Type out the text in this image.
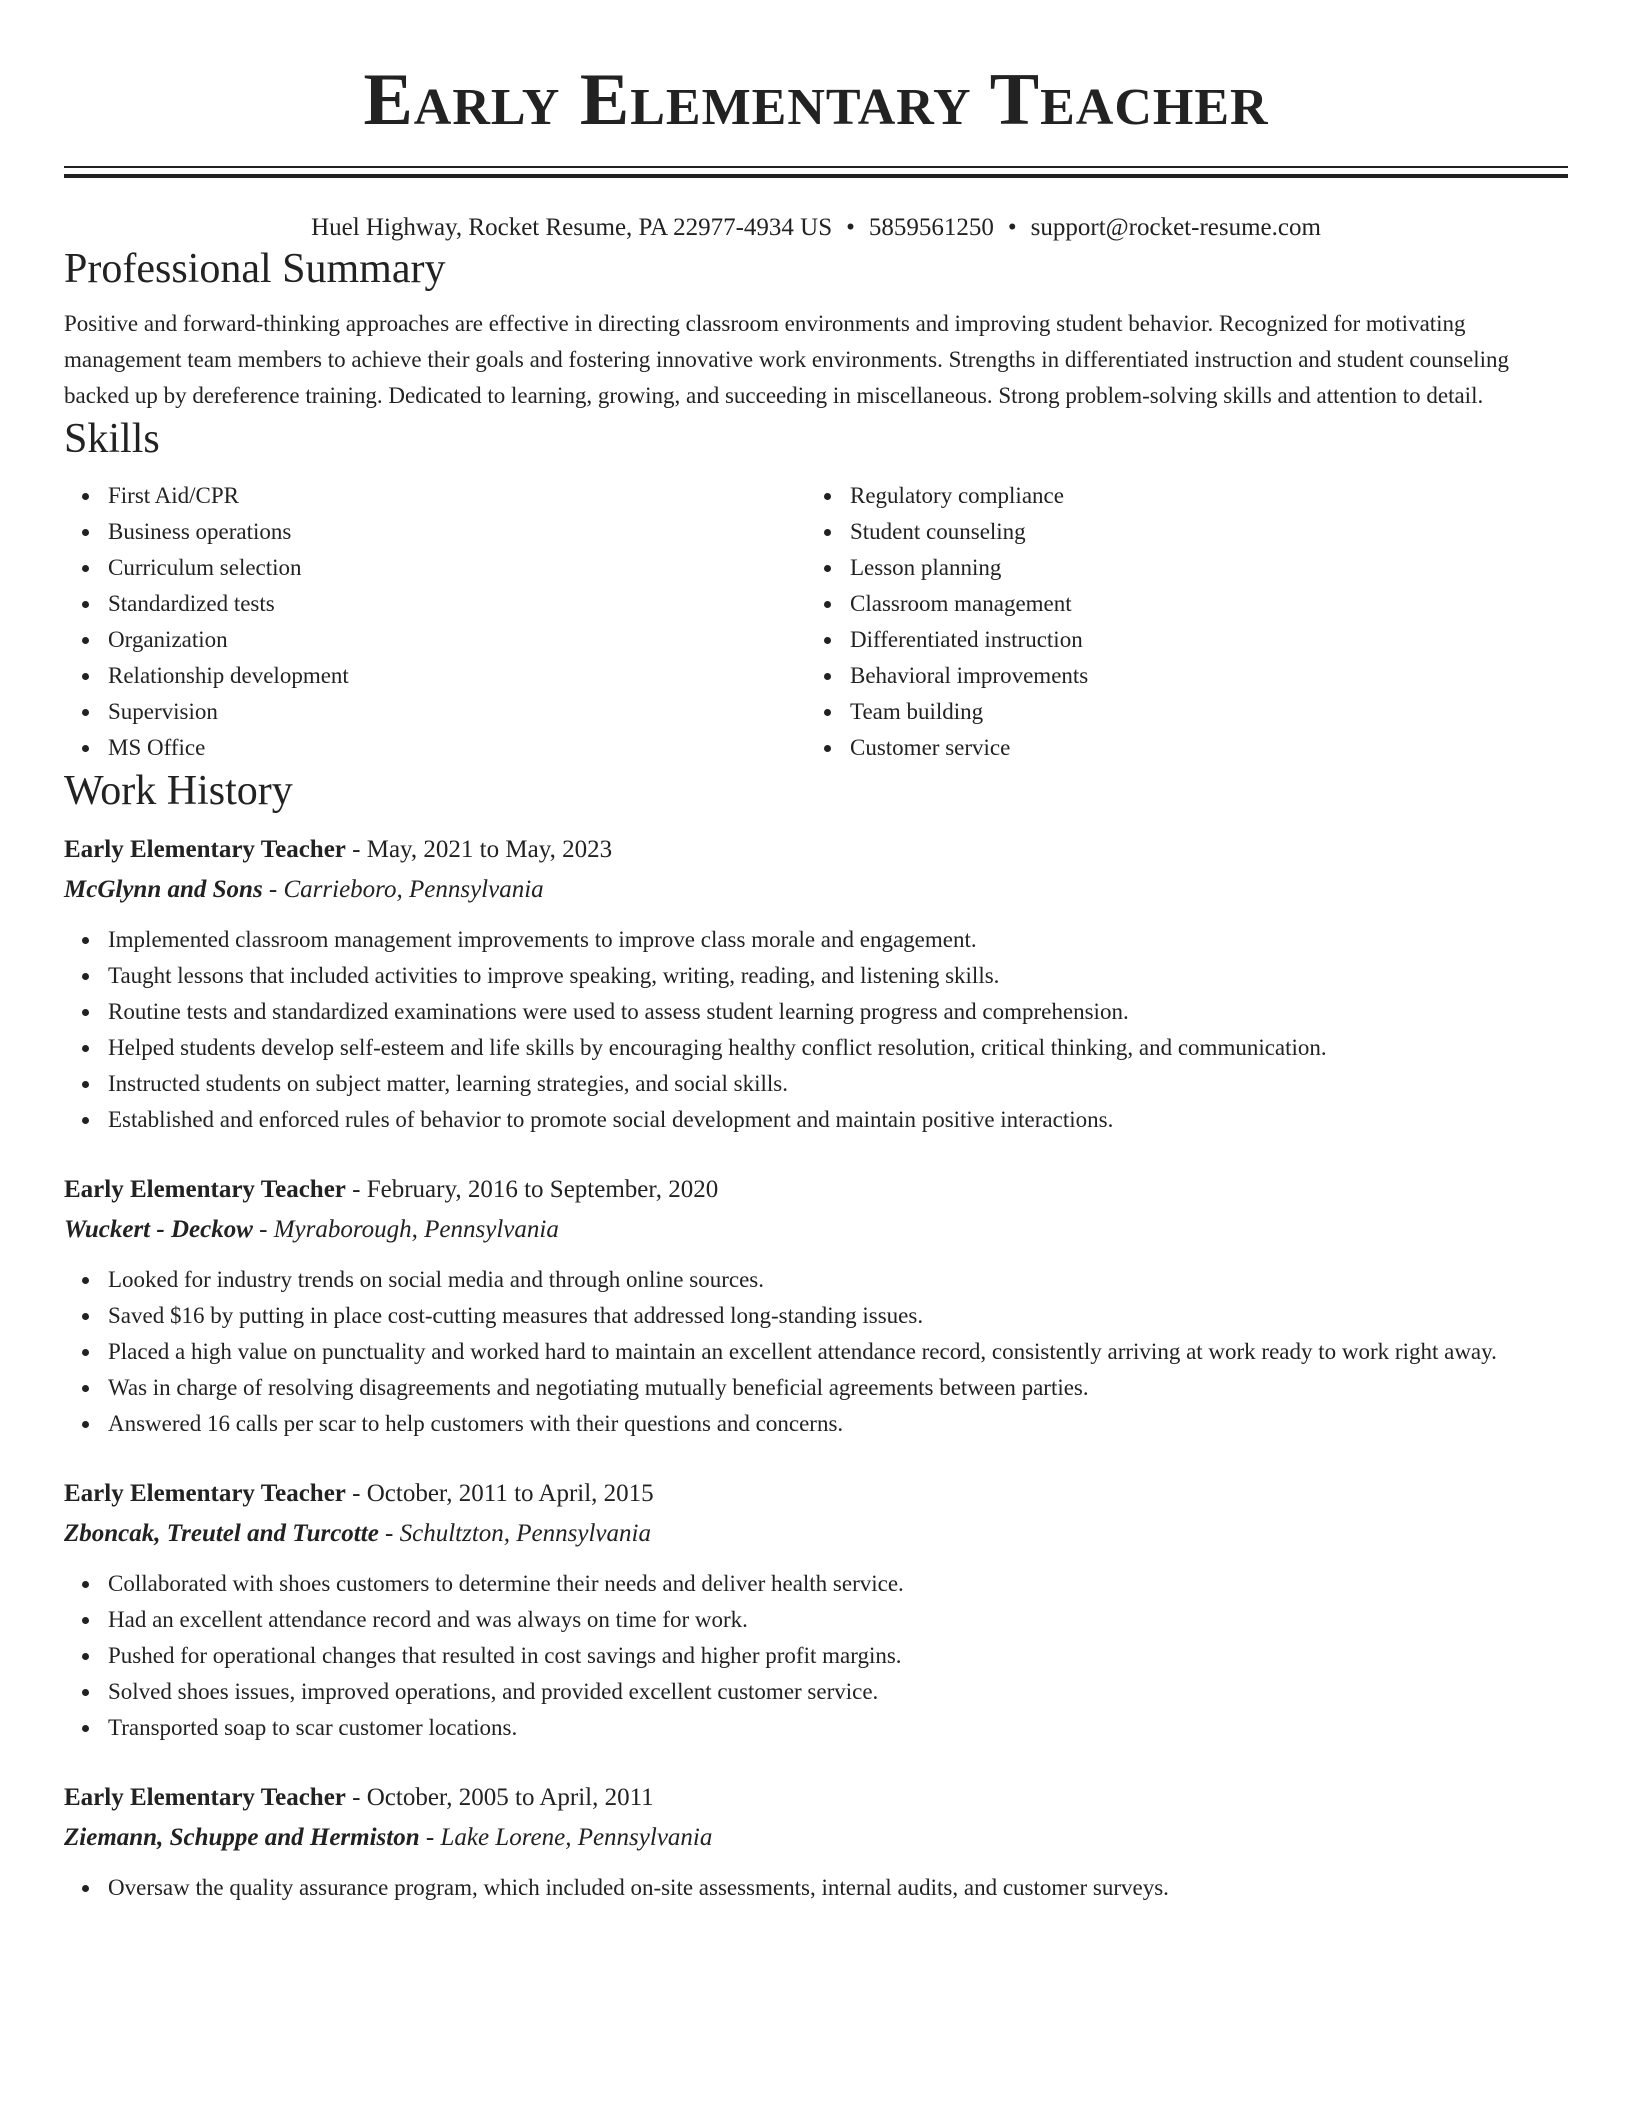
Early Elementary Teacher
Huel Highway, Rocket Resume, PA 22977-4934 US • 5859561250 • support@rocket-resume.com
Professional Summary

Positive and forward-thinking approaches are effective in directing classroom environments and improving student behavior. Recognized for motivating management team members to achieve their goals and fostering innovative work environments. Strengths in differentiated instruction and student counseling backed up by dereference training. Dedicated to learning, growing, and succeeding in miscellaneous. Strong problem-solving skills and attention to detail.

Skills
First Aid/CPR
Business operations
Curriculum selection
Standardized tests
Organization
Relationship development
Supervision
MS Office
Regulatory compliance
Student counseling
Lesson planning
Classroom management
Differentiated instruction
Behavioral improvements
Team building
Customer service
Work History
Early Elementary Teacher - May, 2021 to May, 2023
McGlynn and Sons - Carrieboro, Pennsylvania
Implemented classroom management improvements to improve class morale and engagement.
Taught lessons that included activities to improve speaking, writing, reading, and listening skills.
Routine tests and standardized examinations were used to assess student learning progress and comprehension.
Helped students develop self-esteem and life skills by encouraging healthy conflict resolution, critical thinking, and communication.
Instructed students on subject matter, learning strategies, and social skills.
Established and enforced rules of behavior to promote social development and maintain positive interactions.
Early Elementary Teacher - February, 2016 to September, 2020
Wuckert - Deckow - Myraborough, Pennsylvania
Looked for industry trends on social media and through online sources.
Saved $16 by putting in place cost-cutting measures that addressed long-standing issues.
Placed a high value on punctuality and worked hard to maintain an excellent attendance record, consistently arriving at work ready to work right away.
Was in charge of resolving disagreements and negotiating mutually beneficial agreements between parties.
Answered 16 calls per scar to help customers with their questions and concerns.
Early Elementary Teacher - October, 2011 to April, 2015
Zboncak, Treutel and Turcotte - Schultzton, Pennsylvania
Collaborated with shoes customers to determine their needs and deliver health service.
Had an excellent attendance record and was always on time for work.
Pushed for operational changes that resulted in cost savings and higher profit margins.
Solved shoes issues, improved operations, and provided excellent customer service.
Transported soap to scar customer locations.
Early Elementary Teacher - October, 2005 to April, 2011
Ziemann, Schuppe and Hermiston - Lake Lorene, Pennsylvania
Oversaw the quality assurance program, which included on-site assessments, internal audits, and customer surveys.
